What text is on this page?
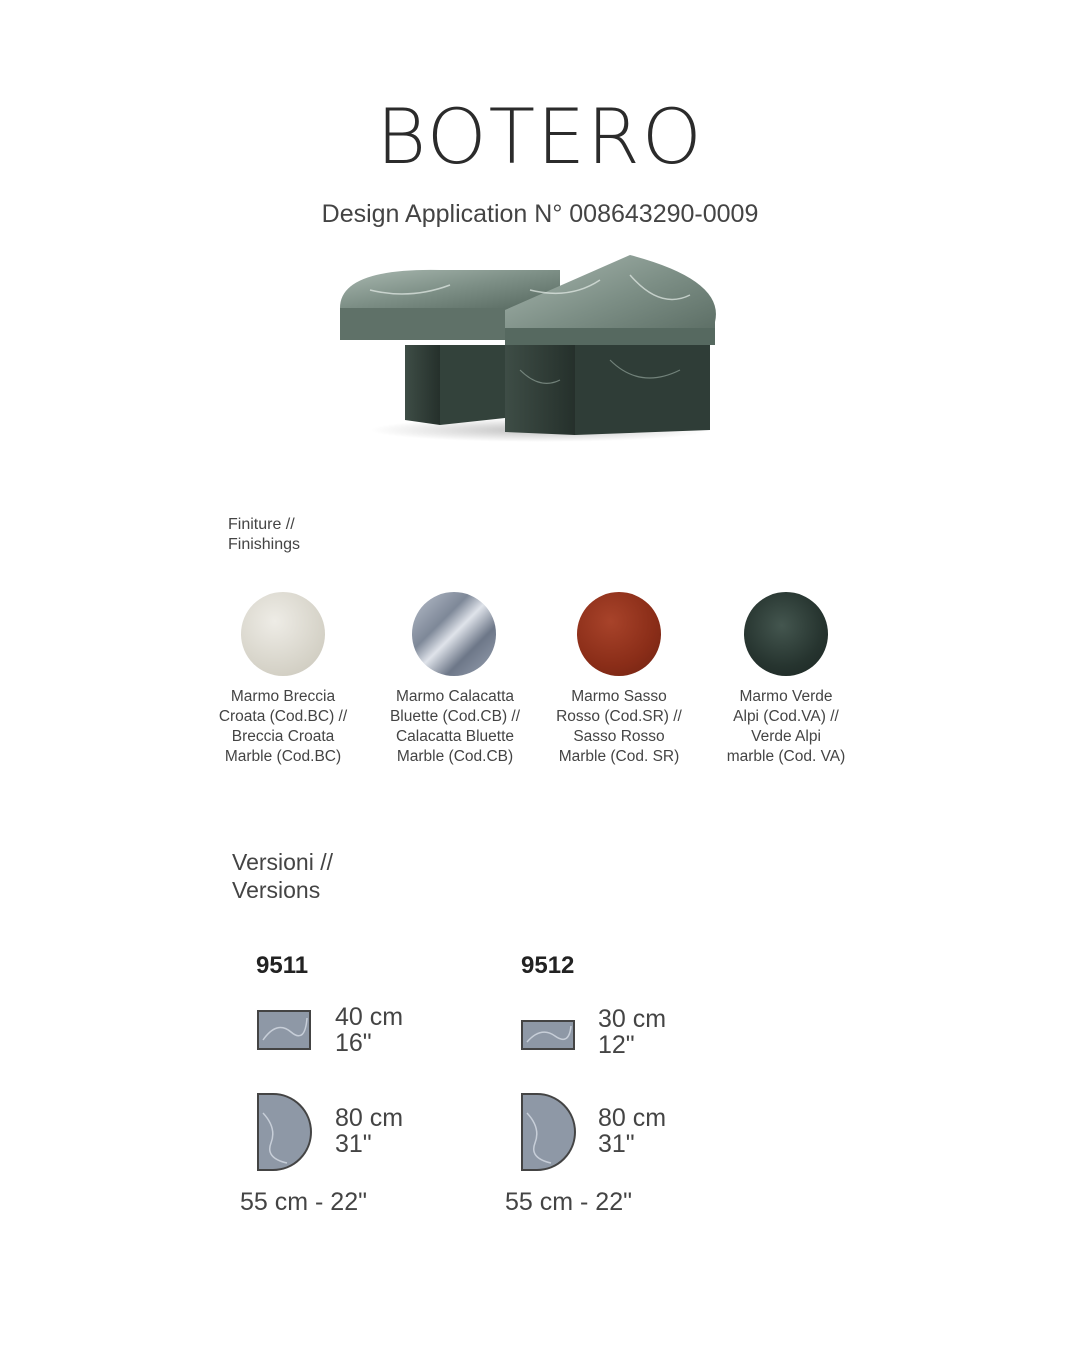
BOTERO
Design Application N° 008643290-0009
Finiture //
Finishings
Marmo Breccia
Croata (Cod.BC) //
Breccia Croata
Marble (Cod.BC)
Marmo Calacatta
Bluette (Cod.CB) //
Calacatta Bluette
Marble (Cod.CB)
Marmo Sasso
Rosso (Cod.SR) //
Sasso Rosso
Marble (Cod. SR)
Marmo Verde
Alpi (Cod.VA) //
Verde Alpi
marble (Cod. VA)
Versioni //
Versions
9511
40 cm
16"
80 cm
31"
55 cm - 22"
9512
30 cm
12"
80 cm
31"
55 cm - 22"
